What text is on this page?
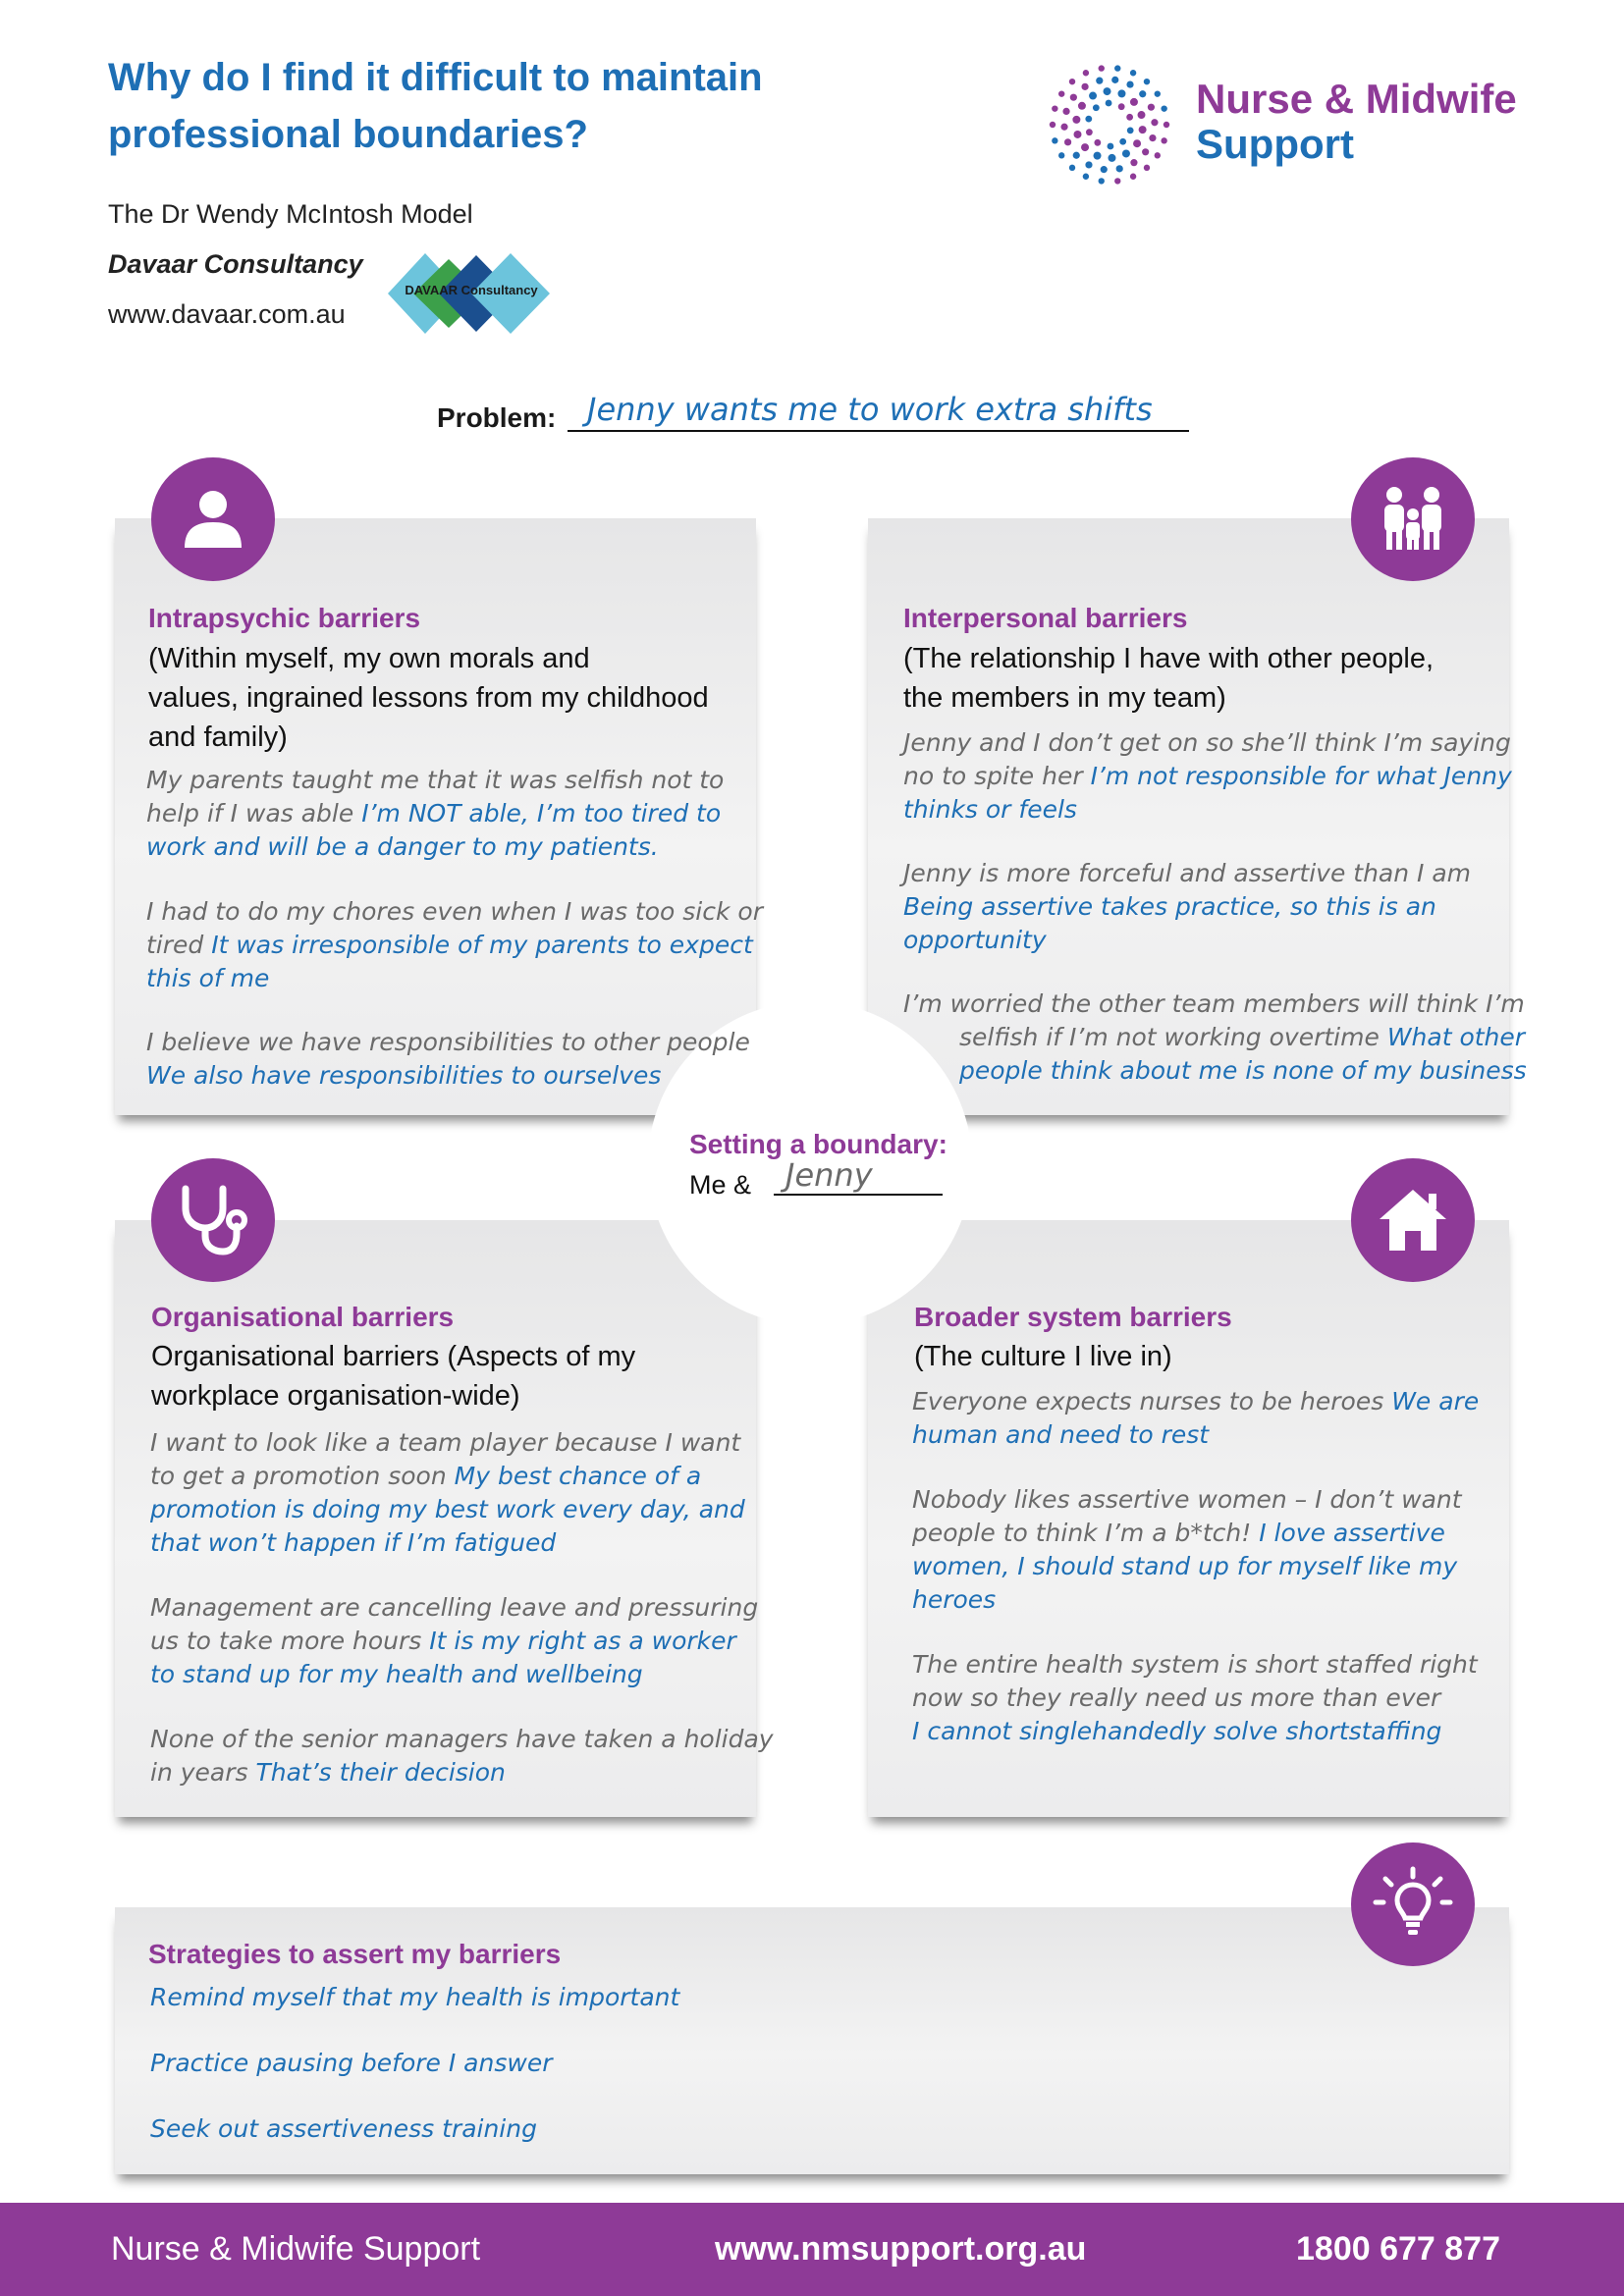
Why do I find it difficult to maintain
professional boundaries?
The Dr Wendy McIntosh Model
Davaar Consultancy
www.davaar.com.au
DAVAAR Consultancy
Nurse & Midwife
Support
Problem: Jenny wants me to work extra shifts
Intrapsychic barriers
(Within myself, my own morals and
values, ingrained lessons from my childhood
and family)
My parents taught me that it was selfish not to
help if I was able I’m NOT able, I’m too tired to
work and will be a danger to my patients.
I had to do my chores even when I was too sick or
tired It was irresponsible of my parents to expect
this of me
I believe we have responsibilities to other people
We also have responsibilities to ourselves
Interpersonal barriers
(The relationship I have with other people,
the members in my team)
Jenny and I don’t get on so she’ll think I’m saying
no to spite her I’m not responsible for what Jenny
thinks or feels
Jenny is more forceful and assertive than I am
Being assertive takes practice, so this is an
opportunity
I’m worried the other team members will think I’m
selfish if I’m not working overtime What other
people think about me is none of my business
Setting a boundary:
Me & Jenny
Organisational barriers
Organisational barriers (Aspects of my
workplace organisation-wide)
I want to look like a team player because I want
to get a promotion soon My best chance of a
promotion is doing my best work every day, and
that won’t happen if I’m fatigued
Management are cancelling leave and pressuring
us to take more hours It is my right as a worker
to stand up for my health and wellbeing
None of the senior managers have taken a holiday
in years That’s their decision
Broader system barriers
(The culture I live in)
Everyone expects nurses to be heroes We are
human and need to rest
Nobody likes assertive women – I don’t want
people to think I’m a b*tch! I love assertive
women, I should stand up for myself like my
heroes
The entire health system is short staffed right
now so they really need us more than ever
I cannot singlehandedly solve shortstaffing
Strategies to assert my barriers
Remind myself that my health is important
Practice pausing before I answer
Seek out assertiveness training
Nurse & Midwife Support	www.nmsupport.org.au	1800 677 877
